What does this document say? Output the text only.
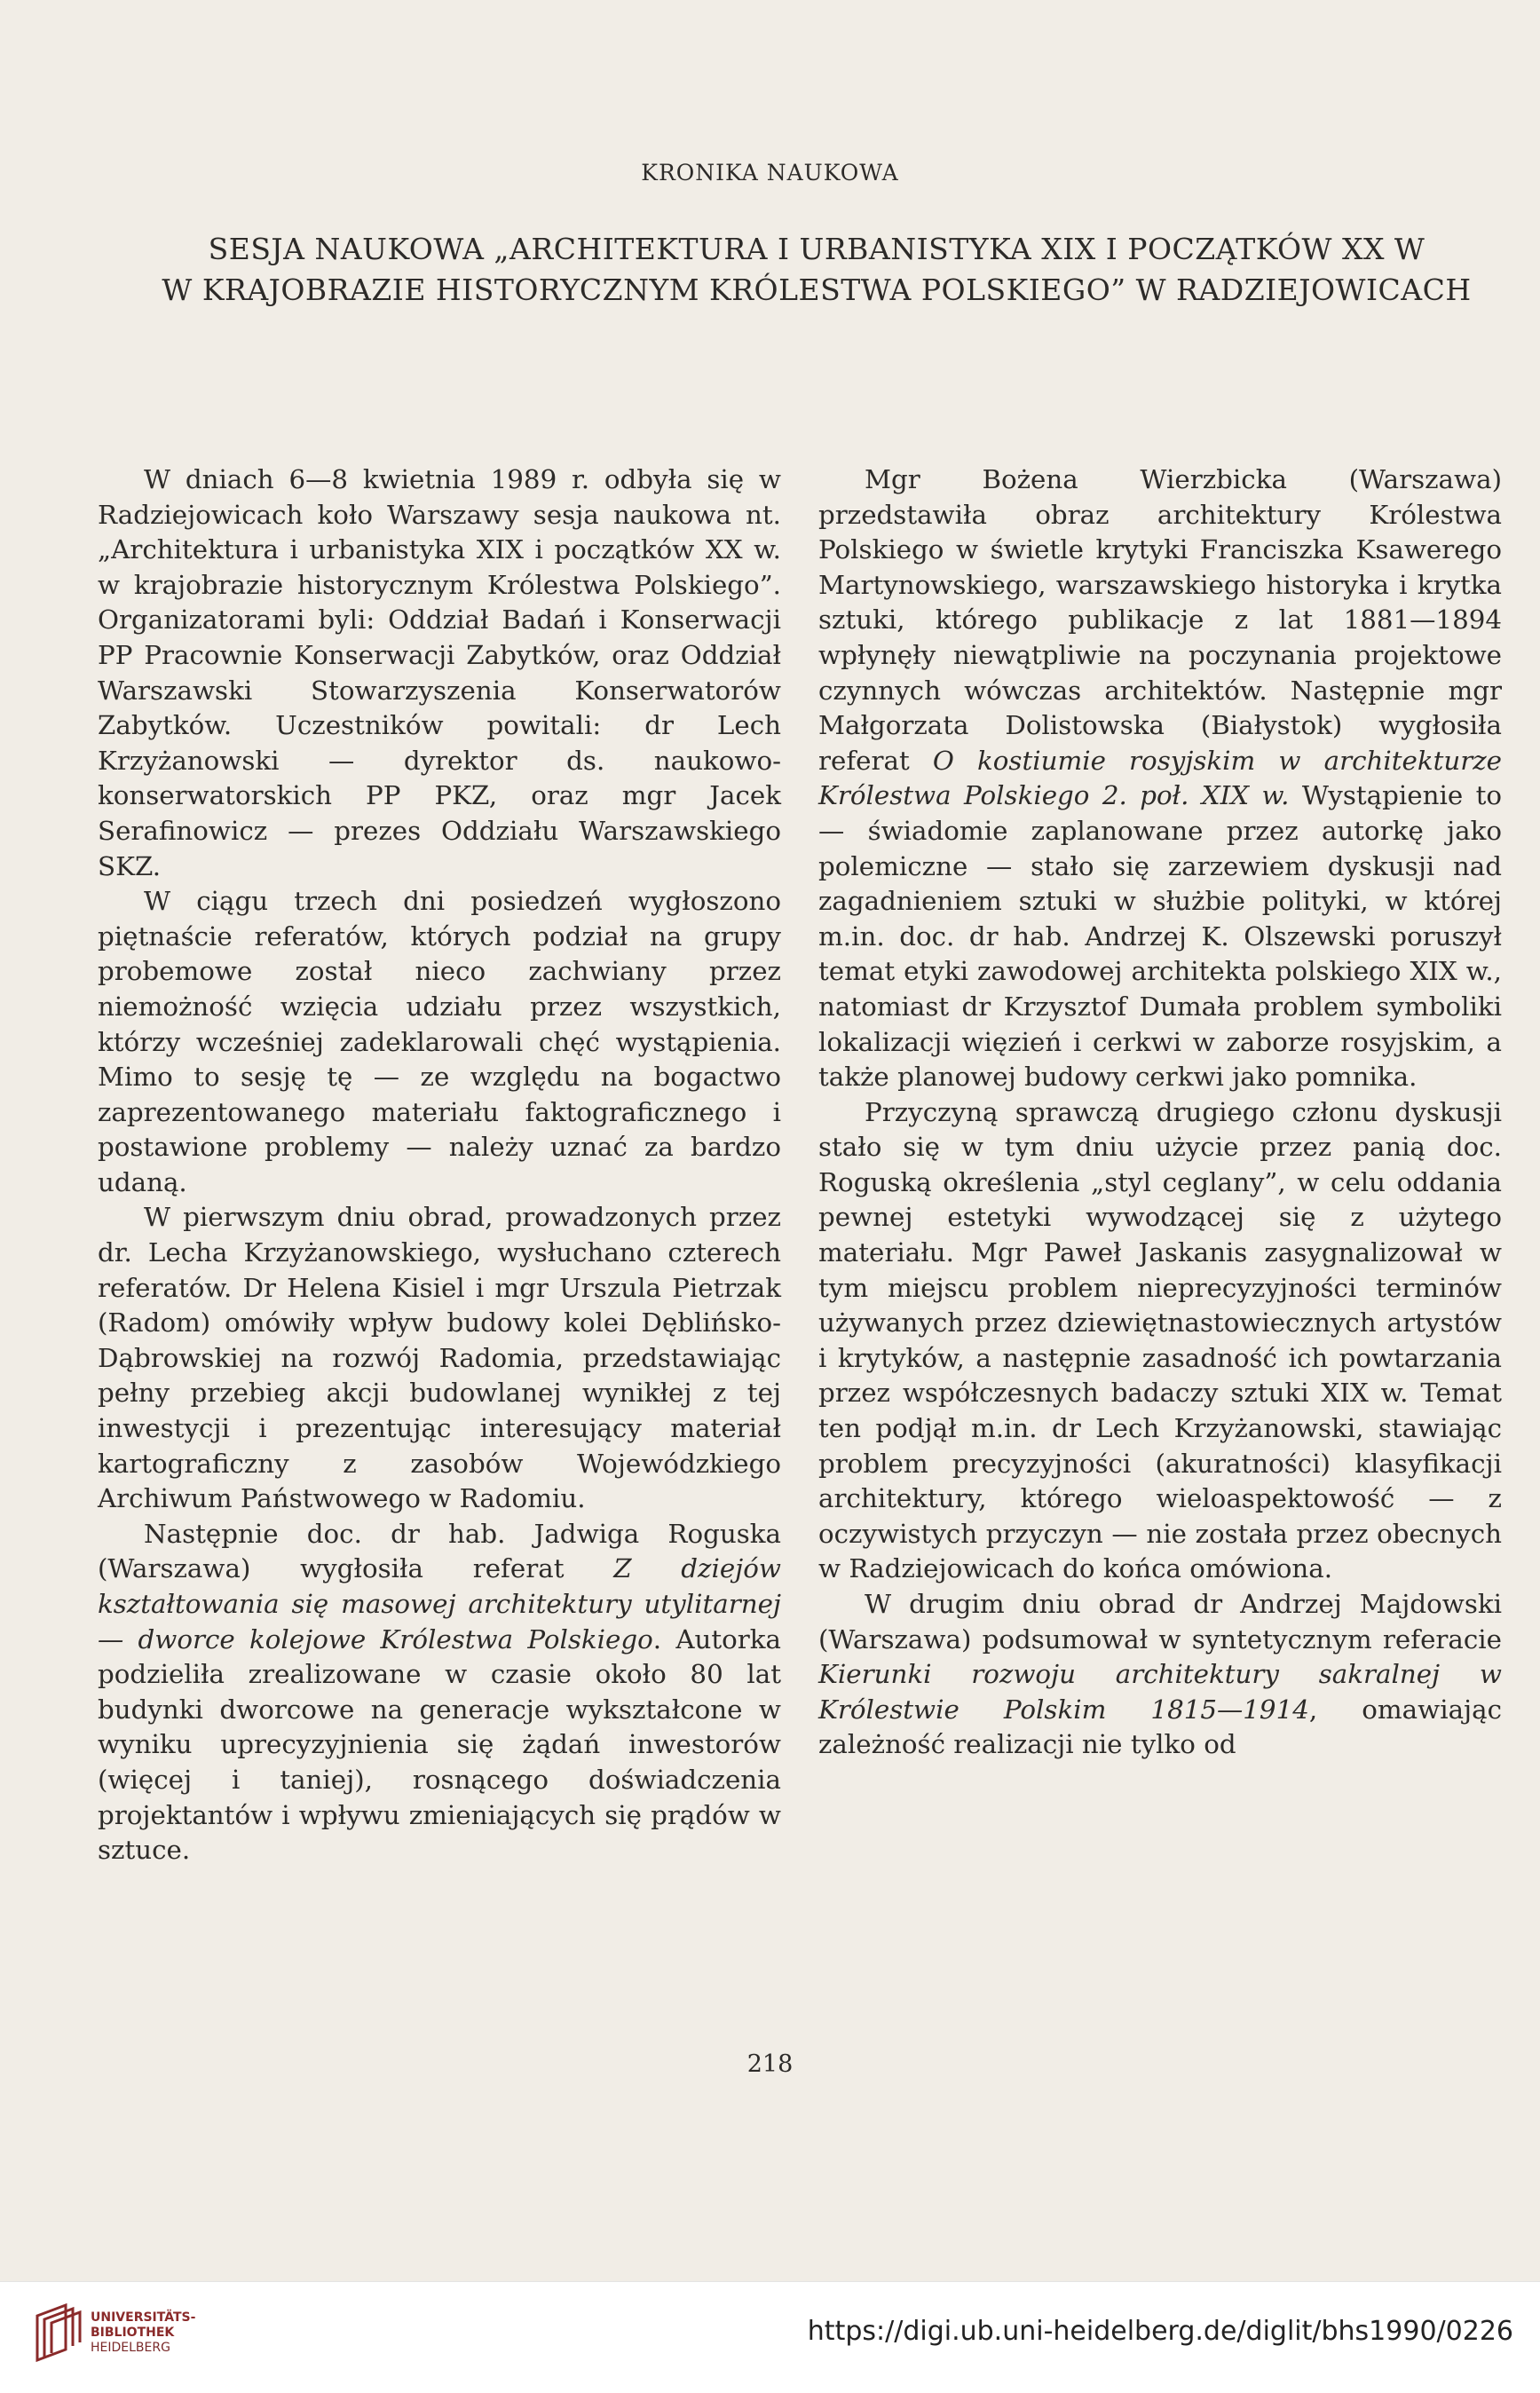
KRONIKA NAUKOWA
SESJA NAUKOWA „ARCHITEKTURA I URBANISTYKA XIX I POCZĄTKÓW XX W
W KRAJOBRAZIE HISTORYCZNYM KRÓLESTWA POLSKIEGO” W RADZIEJOWICACH

W dniach 6—8 kwietnia 1989 r. odbyła się w Radziejowicach koło Warszawy sesja naukowa nt. „Architektura i urbanistyka XIX i początków XX w. w krajobrazie historycznym Królestwa Polskiego”. Organizatorami byli: Oddział Badań i Konserwacji PP Pracownie Konserwacji Zabytków, oraz Oddział Warszawski Stowarzyszenia Konserwatorów Zabytków. Uczestników powitali: dr Lech Krzyżanowski — dyrektor ds. naukowo-konserwatorskich PP PKZ, oraz mgr Jacek Serafinowicz — prezes Oddziału Warszawskiego SKZ.

W ciągu trzech dni posiedzeń wygłoszono piętnaście referatów, których podział na grupy probemowe został nieco zachwiany przez niemożność wzięcia udziału przez wszystkich, którzy wcześniej zadeklarowali chęć wystąpienia. Mimo to sesję tę — ze względu na bogactwo zaprezentowanego materiału faktograficznego i postawione problemy — należy uznać za bardzo udaną.

W pierwszym dniu obrad, prowadzonych przez dr. Lecha Krzyżanowskiego, wysłuchano czterech referatów. Dr Helena Kisiel i mgr Urszula Pietrzak (Radom) omówiły wpływ budowy kolei Dęblińsko-Dąbrowskiej na rozwój Radomia, przedstawiając pełny przebieg akcji budowlanej wynikłej z tej inwestycji i prezentując interesujący materiał kartograficzny z zasobów Wojewódzkiego Archiwum Państwowego w Radomiu.

Następnie doc. dr hab. Jadwiga Roguska (Warszawa) wygłosiła referat Z dziejów kształtowania się masowej architektury utylitarnej — dworce kolejowe Królestwa Polskiego. Autorka podzieliła zrealizowane w czasie około 80 lat budynki dworcowe na generacje wykształcone w wyniku uprecyzyjnienia się żądań inwestorów (więcej i taniej), rosnącego doświadczenia projektantów i wpływu zmieniających się prądów w sztuce.

Mgr Bożena Wierzbicka (Warszawa) przedstawiła obraz architektury Królestwa Polskiego w świetle krytyki Franciszka Ksawerego Martynowskiego, warszawskiego historyka i krytka sztuki, którego publikacje z lat 1881—1894 wpłynęły niewątpliwie na poczynania projektowe czynnych wówczas architektów. Następnie mgr Małgorzata Dolistowska (Białystok) wygłosiła referat O kostiumie rosyjskim w architekturze Królestwa Polskiego 2. poł. XIX w. Wystąpienie to — świadomie zaplanowane przez autorkę jako polemiczne — stało się zarzewiem dyskusji nad zagadnieniem sztuki w służbie polityki, w której m.in. doc. dr hab. Andrzej K. Olszewski poruszył temat etyki zawodowej architekta polskiego XIX w., natomiast dr Krzysztof Dumała problem symboliki lokalizacji więzień i cerkwi w zaborze rosyjskim, a także planowej budowy cerkwi jako pomnika.

Przyczyną sprawczą drugiego członu dyskusji stało się w tym dniu użycie przez panią doc. Roguską określenia „styl ceglany”, w celu oddania pewnej estetyki wywodzącej się z użytego materiału. Mgr Paweł Jaskanis zasygnalizował w tym miejscu problem nieprecyzyjności terminów używanych przez dziewiętnastowiecznych artystów i krytyków, a następnie zasadność ich powtarzania przez współczesnych badaczy sztuki XIX w. Temat ten podjął m.in. dr Lech Krzyżanowski, stawiając problem precyzyjności (akuratności) klasyfikacji architektury, którego wieloaspektowość — z oczywistych przyczyn — nie została przez obecnych w Radziejowicach do końca omówiona.

W drugim dniu obrad dr Andrzej Majdowski (Warszawa) podsumował w syntetycznym referacie Kierunki rozwoju architektury sakralnej w Królestwie Polskim 1815—1914, omawiając zależność realizacji nie tylko od

218
UNIVERSITÄTS-
BIBLIOTHEK
HEIDELBERG
https://digi.ub.uni-heidelberg.de/diglit/bhs1990/0226
